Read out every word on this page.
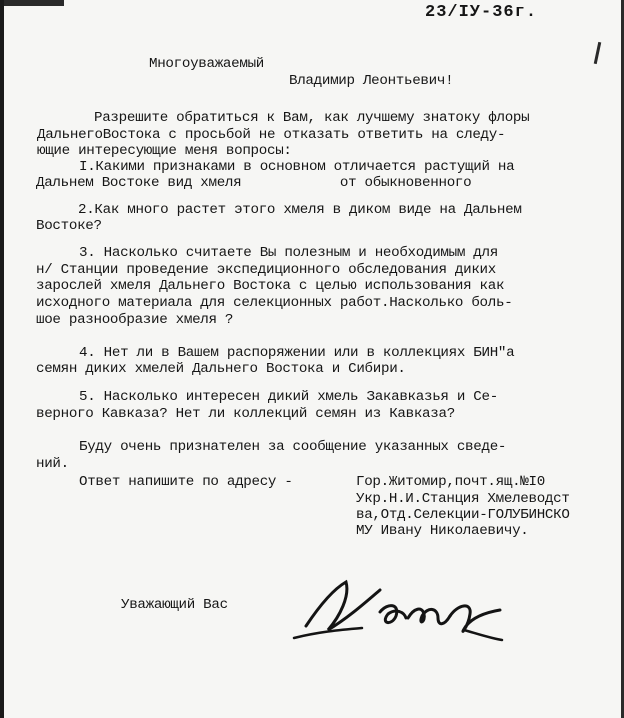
23/IУ-36г.
Многоуважаемый
Владимир Леонтьевич!
Разрешите обратиться к Вам, как лучшему знатоку флоры
ДальнегоВостока с просьбой не отказать ответить на следу-
ющие интересующие меня вопросы:
I.Какими признаками в основном отличается растущий на
Дальнем Востоке вид хмеля            от обыкновенного
2.Как много растет этого хмеля в диком виде на Дальнем
Востоке?
3. Насколько считаете Вы полезным и необходимым для
н/ Станции проведение экспедиционного обследования диких
зарослей хмеля Дальнего Востока с целью использования как
исходного материала для селекционных работ.Насколько боль-
шое разнообразие хмеля ?
4. Нет ли в Вашем распоряжении или в коллекциях БИН"а
семян диких хмелей Дальнего Востока и Сибири.
5. Насколько интересен дикий хмель Закавказья и Се-
верного Кавказа? Нет ли коллекций семян из Кавказа?
Буду очень признателен за сообщение указанных сведе-
ний.
Ответ напишите по адресу -	Гор.Житомир,почт.ящ.№I0
Укр.Н.И.Станция Хмелеводст
ва,Отд.Селекции-ГОЛУБИНСКО
МУ Ивану Николаевичу.
Уважающий Вас
